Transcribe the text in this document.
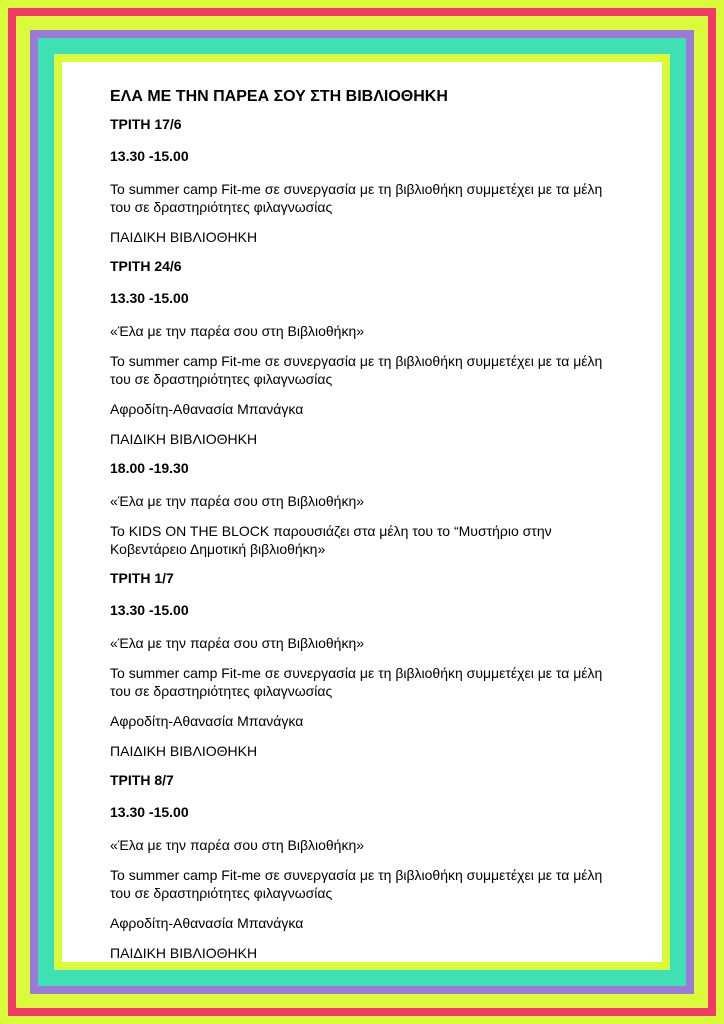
ΕΛΑ ΜΕ ΤΗΝ ΠΑΡΕΑ ΣΟΥ ΣΤΗ ΒΙΒΛΙΟΘΗΚΗ
ΤΡΙΤΗ 17/6
13.30 -15.00
Το summer camp Fit-me σε συνεργασία με τη βιβλιοθήκη συμμετέχει με τα μέλη του σε δραστηριότητες φιλαγνωσίας
ΠΑΙΔΙΚΗ ΒΙΒΛΙΟΘΗΚΗ
ΤΡΙΤΗ 24/6
13.30 -15.00
«Έλα με την παρέα σου στη Βιβλιοθήκη»
Το summer camp Fit-me σε συνεργασία με τη βιβλιοθήκη συμμετέχει με τα μέλη του σε δραστηριότητες φιλαγνωσίας
Αφροδίτη-Αθανασία Μπανάγκα
ΠΑΙΔΙΚΗ ΒΙΒΛΙΟΘΗΚΗ
18.00 -19.30
«Έλα με την παρέα σου στη Βιβλιοθήκη»
Το KIDS ON THE BLOCK παρουσιάζει στα μέλη του το “Μυστήριο στην Κοβεντάρειο Δημοτική βιβλιοθήκη»
ΤΡΙΤΗ 1/7
13.30 -15.00
«Έλα με την παρέα σου στη Βιβλιοθήκη»
Το summer camp Fit-me σε συνεργασία με τη βιβλιοθήκη συμμετέχει με τα μέλη του σε δραστηριότητες φιλαγνωσίας
Αφροδίτη-Αθανασία Μπανάγκα
ΠΑΙΔΙΚΗ ΒΙΒΛΙΟΘΗΚΗ
ΤΡΙΤΗ 8/7
13.30 -15.00
«Έλα με την παρέα σου στη Βιβλιοθήκη»
Το summer camp Fit-me σε συνεργασία με τη βιβλιοθήκη συμμετέχει με τα μέλη του σε δραστηριότητες φιλαγνωσίας
Αφροδίτη-Αθανασία Μπανάγκα
ΠΑΙΔΙΚΗ ΒΙΒΛΙΟΘΗΚΗ
